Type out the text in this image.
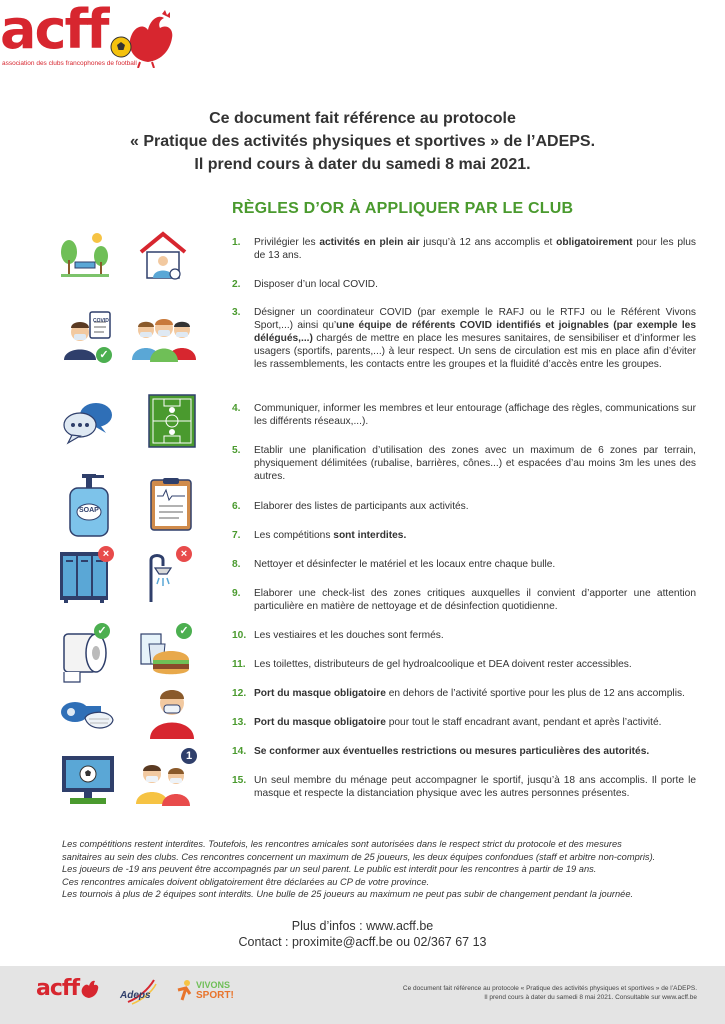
acff
association des clubs francophones de football
Ce document fait référence au protocole
« Pratique des activités physiques et sportives » de l’ADEPS.
Il prend cours à dater du samedi 8 mai 2021.
RÈGLES D’OR À APPLIQUER PAR LE CLUB
1. Privilégier les activités en plein air jusqu’à 12 ans accomplis et obligatoirement pour les plus de 13 ans.
2. Disposer d’un local COVID.
3. Désigner un coordinateur COVID (par exemple le RAFJ ou le RTFJ ou le Référent Vivons Sport,...) ainsi qu’une équipe de référents COVID identifiés et joignables (par exemple les délégués,...) chargés de mettre en place les mesures sanitaires, de sensibiliser et d’informer les usagers (sportifs, parents,...) à leur respect. Un sens de circulation est mis en place afin d’éviter les rassemblements, les contacts entre les groupes et la fluidité d’accès entre les groupes.
4. Communiquer, informer les membres et leur entourage (affichage des règles, communications sur les différents réseaux,...).
5. Etablir une planification d’utilisation des zones avec un maximum de 6 zones par terrain, physiquement délimitées (rubalise, barrières, cônes...) et espacées d’au moins 3m les unes des autres.
6. Elaborer des listes de participants aux activités.
7. Les compétitions sont interdites.
8. Nettoyer et désinfecter le matériel et les locaux entre chaque bulle.
9. Elaborer une check-list des zones critiques auxquelles il convient d’apporter une attention particulière en matière de nettoyage et de désinfection quotidienne.
10. Les vestiaires et les douches sont fermés.
11. Les toilettes, distributeurs de gel hydroalcoolique et DEA doivent rester accessibles.
12. Port du masque obligatoire en dehors de l’activité sportive pour les plus de 12 ans accomplis.
13. Port du masque obligatoire pour tout le staff encadrant avant, pendant et après l’activité.
14. Se conformer aux éventuelles restrictions ou mesures particulières des autorités.
15. Un seul membre du ménage peut accompagner le sportif, jusqu’à 18 ans accomplis. Il porte le masque et respecte la distanciation physique avec les autres personnes présentes.
COVID
✓
SOAP
×	×
✓	✓
1
Les compétitions restent interdites. Toutefois, les rencontres amicales sont autorisées dans le respect strict du protocole et des mesures
sanitaires au sein des clubs. Ces rencontres concernent un maximum de 25 joueurs, les deux équipes confondues (staff et arbitre non-compris).
Les joueurs de -19 ans peuvent être accompagnés par un seul parent. Le public est interdit pour les rencontres à partir de 19 ans.
Ces rencontres amicales doivent obligatoirement être déclarées au CP de votre province.
Les tournois à plus de 2 équipes sont interdits. Une bulle de 25 joueurs au maximum ne peut pas subir de changement pendant la journée.
Plus d’infos : www.acff.be
Contact : proximite@acff.be ou 02/367 67 13
acff	Adeps
VIVONS
SPORT!
Ce document fait référence au protocole « Pratique des activités physiques et sportives » de l’ADEPS.
Il prend cours à dater du samedi 8 mai 2021. Consultable sur www.acff.be
